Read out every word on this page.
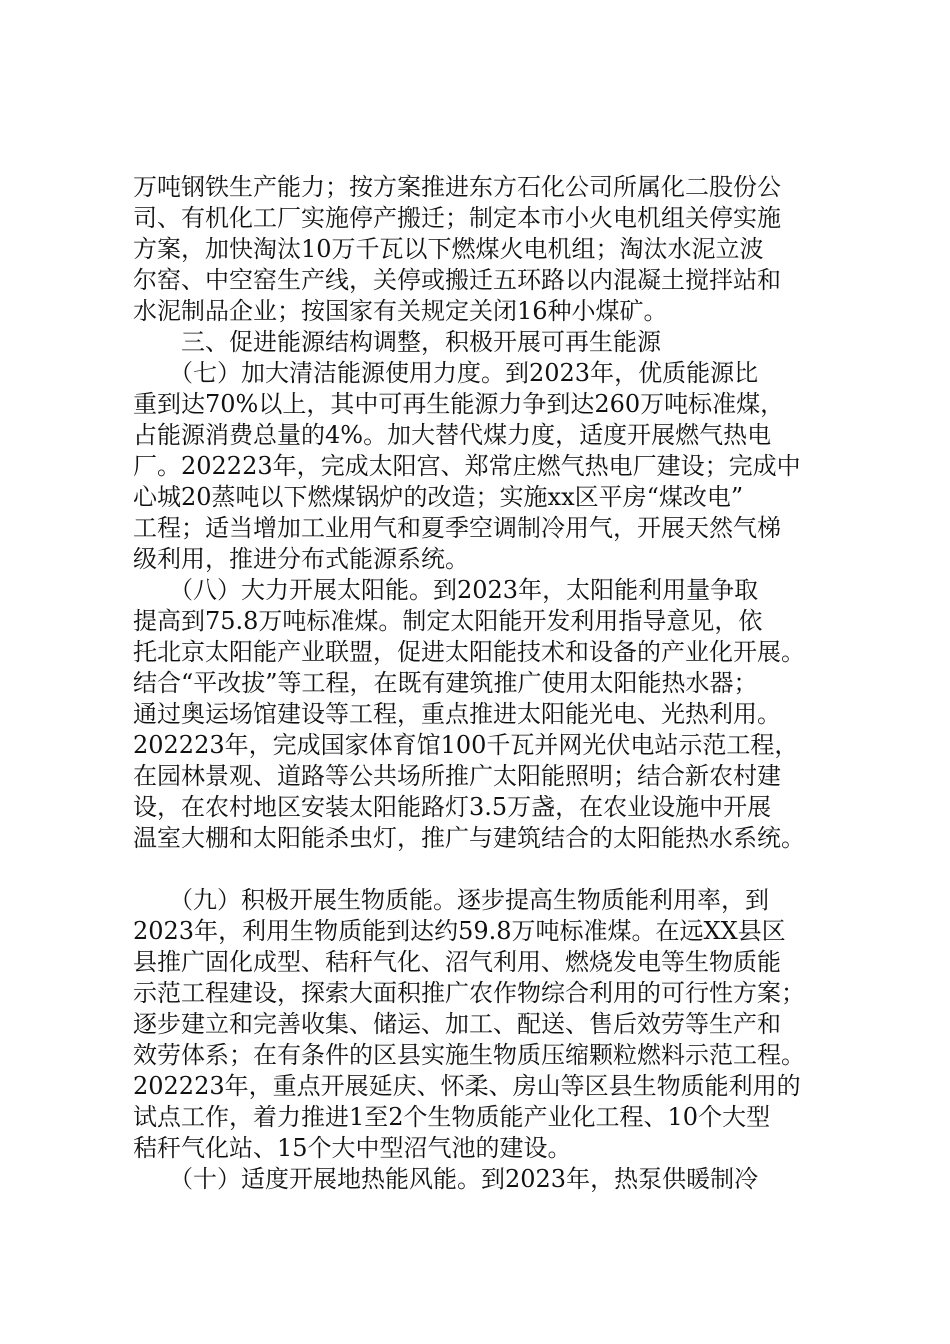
万吨钢铁生产能力；按方案推进东方石化公司所属化二股份公
司、有机化工厂实施停产搬迁；制定本市小火电机组关停实施
方案，加快淘汰10万千瓦以下燃煤火电机组；淘汰水泥立波
尔窑、中空窑生产线，关停或搬迁五环路以内混凝土搅拌站和
水泥制品企业；按国家有关规定关闭16种小煤矿。
　　三、促进能源结构调整，积极开展可再生能源
　　（七）加大清洁能源使用力度。到2023年，优质能源比
重到达70%以上，其中可再生能源力争到达260万吨标准煤，
占能源消费总量的4%。加大替代煤力度，适度开展燃气热电
厂。202223年，完成太阳宫、郑常庄燃气热电厂建设；完成中
心城20蒸吨以下燃煤锅炉的改造；实施xx区平房“煤改电”
工程；适当增加工业用气和夏季空调制冷用气，开展天然气梯
级利用，推进分布式能源系统。
　　（八）大力开展太阳能。到2023年，太阳能利用量争取
提高到75.8万吨标准煤。制定太阳能开发利用指导意见，依
托北京太阳能产业联盟，促进太阳能技术和设备的产业化开展。
结合“平改拔”等工程，在既有建筑推广使用太阳能热水器；
通过奥运场馆建设等工程，重点推进太阳能光电、光热利用。
202223年，完成国家体育馆100千瓦并网光伏电站示范工程，
在园林景观、道路等公共场所推广太阳能照明；结合新农村建
设，在农村地区安装太阳能路灯3.5万盏，在农业设施中开展
温室大棚和太阳能杀虫灯，推广与建筑结合的太阳能热水系统。
　　（九）积极开展生物质能。逐步提高生物质能利用率，到
2023年，利用生物质能到达约59.8万吨标准煤。在远XX县区
县推广固化成型、秸秆气化、沼气利用、燃烧发电等生物质能
示范工程建设，探索大面积推广农作物综合利用的可行性方案；
逐步建立和完善收集、储运、加工、配送、售后效劳等生产和
效劳体系；在有条件的区县实施生物质压缩颗粒燃料示范工程。
202223年，重点开展延庆、怀柔、房山等区县生物质能利用的
试点工作，着力推进1至2个生物质能产业化工程、10个大型
秸秆气化站、15个大中型沼气池的建设。
　　（十）适度开展地热能风能。到2023年，热泵供暖制冷
